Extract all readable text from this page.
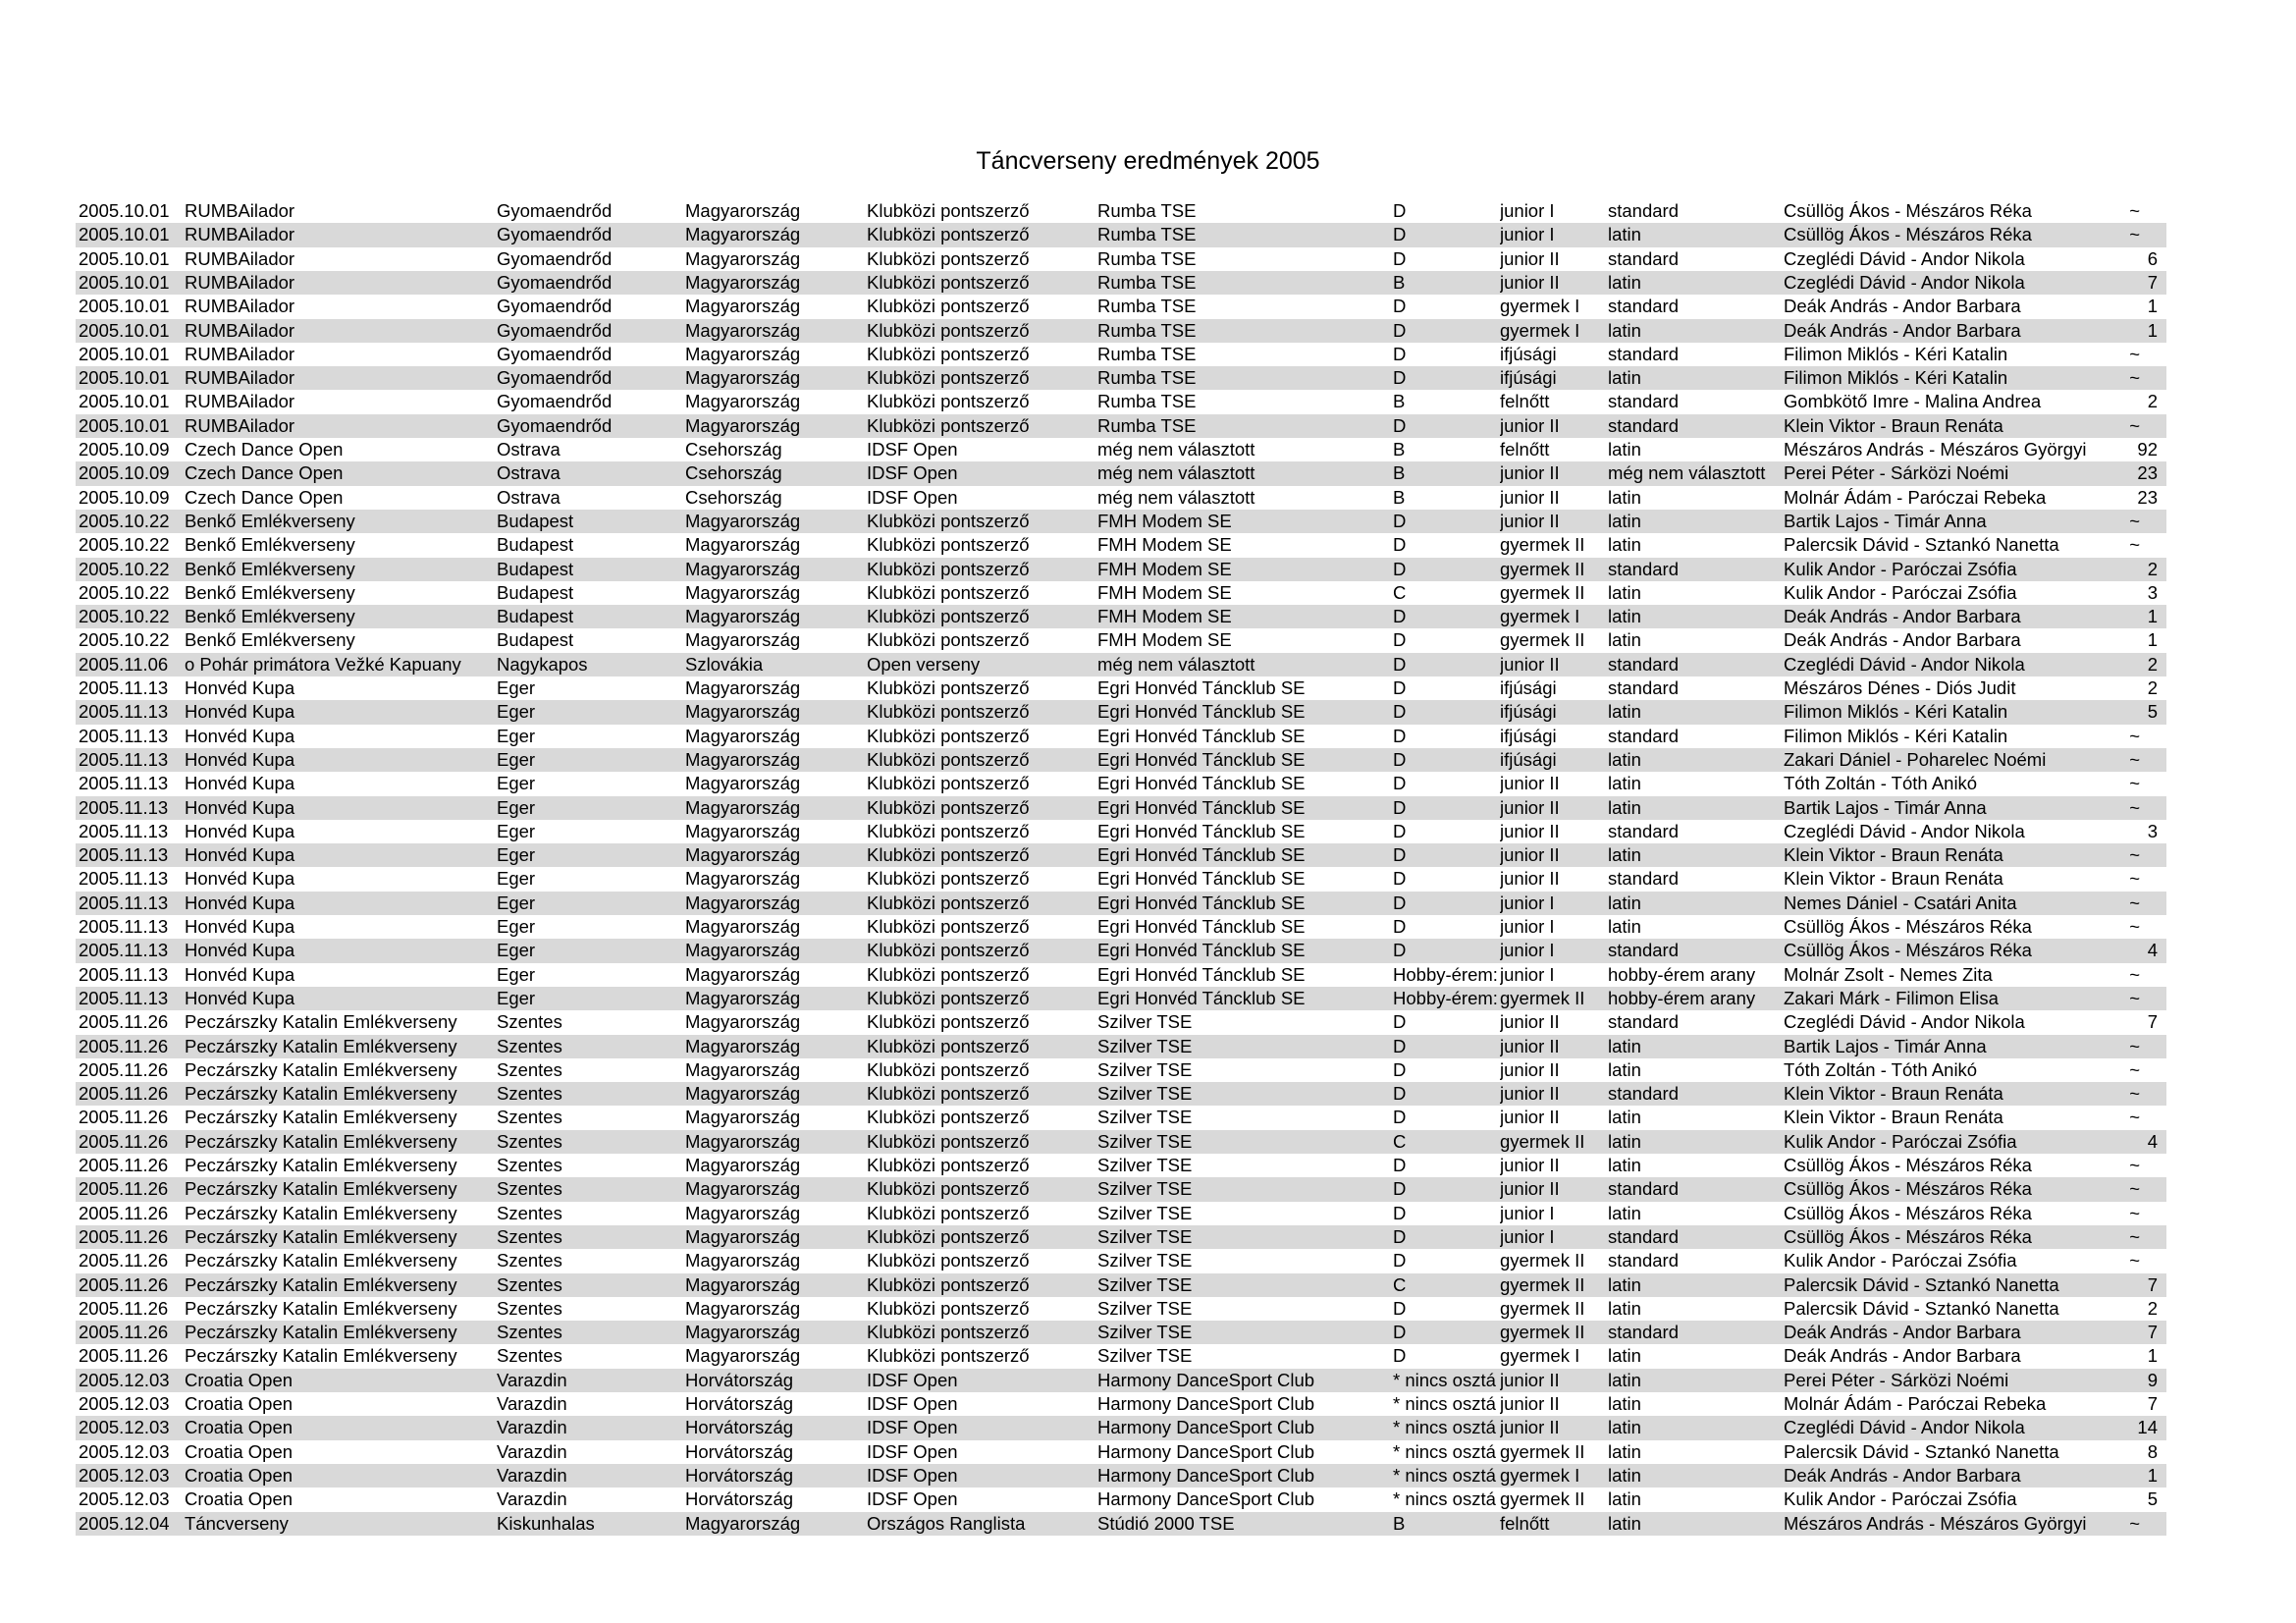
Táncverseny eredmények 2005
2005.10.01 RUMBAilador	Gyomaendrőd	Magyarország	Klubközi pontszerző	Rumba TSE	D	junior I	standard	Csüllög Ákos - Mészáros Réka	~
2005.10.01 RUMBAilador	Gyomaendrőd	Magyarország	Klubközi pontszerző	Rumba TSE	D	junior I	latin	Csüllög Ákos - Mészáros Réka	~
2005.10.01 RUMBAilador	Gyomaendrőd	Magyarország	Klubközi pontszerző	Rumba TSE	D	junior II	standard	Czeglédi Dávid - Andor Nikola	6
2005.10.01 RUMBAilador	Gyomaendrőd	Magyarország	Klubközi pontszerző	Rumba TSE	B	junior II	latin	Czeglédi Dávid - Andor Nikola	7
2005.10.01 RUMBAilador	Gyomaendrőd	Magyarország	Klubközi pontszerző	Rumba TSE	D	gyermek I	standard	Deák András - Andor Barbara	1
2005.10.01 RUMBAilador	Gyomaendrőd	Magyarország	Klubközi pontszerző	Rumba TSE	D	gyermek I	latin	Deák András - Andor Barbara	1
2005.10.01 RUMBAilador	Gyomaendrőd	Magyarország	Klubközi pontszerző	Rumba TSE	D	ifjúsági	standard	Filimon Miklós - Kéri Katalin	~
2005.10.01 RUMBAilador	Gyomaendrőd	Magyarország	Klubközi pontszerző	Rumba TSE	D	ifjúsági	latin	Filimon Miklós - Kéri Katalin	~
2005.10.01 RUMBAilador	Gyomaendrőd	Magyarország	Klubközi pontszerző	Rumba TSE	B	felnőtt	standard	Gombkötő Imre - Malina Andrea	2
2005.10.01 RUMBAilador	Gyomaendrőd	Magyarország	Klubközi pontszerző	Rumba TSE	D	junior II	standard	Klein Viktor - Braun Renáta	~
2005.10.09 Czech Dance Open	Ostrava	Csehország	IDSF Open	még nem választott	B	felnőtt	latin	Mészáros András - Mészáros Györgyi	92
2005.10.09 Czech Dance Open	Ostrava	Csehország	IDSF Open	még nem választott	B	junior II	még nem választott	Perei Péter - Sárközi Noémi	23
2005.10.09 Czech Dance Open	Ostrava	Csehország	IDSF Open	még nem választott	B	junior II	latin	Molnár Ádám - Paróczai Rebeka	23
2005.10.22 Benkő Emlékverseny	Budapest	Magyarország	Klubközi pontszerző	FMH Modem SE	D	junior II	latin	Bartik Lajos - Timár Anna	~
2005.10.22 Benkő Emlékverseny	Budapest	Magyarország	Klubközi pontszerző	FMH Modem SE	D	gyermek II	latin	Palercsik Dávid - Sztankó Nanetta	~
2005.10.22 Benkő Emlékverseny	Budapest	Magyarország	Klubközi pontszerző	FMH Modem SE	D	gyermek II	standard	Kulik Andor - Paróczai Zsófia	2
2005.10.22 Benkő Emlékverseny	Budapest	Magyarország	Klubközi pontszerző	FMH Modem SE	C	gyermek II	latin	Kulik Andor - Paróczai Zsófia	3
2005.10.22 Benkő Emlékverseny	Budapest	Magyarország	Klubközi pontszerző	FMH Modem SE	D	gyermek I	latin	Deák András - Andor Barbara	1
2005.10.22 Benkő Emlékverseny	Budapest	Magyarország	Klubközi pontszerző	FMH Modem SE	D	gyermek II	latin	Deák András - Andor Barbara	1
2005.11.06 o Pohár primátora Vežké Kapuany	Nagykapos	Szlovákia	Open verseny	még nem választott	D	junior II	standard	Czeglédi Dávid - Andor Nikola	2
2005.11.13 Honvéd Kupa	Eger	Magyarország	Klubközi pontszerző	Egri Honvéd Táncklub SE	D	ifjúsági	standard	Mészáros Dénes - Diós Judit	2
2005.11.13 Honvéd Kupa	Eger	Magyarország	Klubközi pontszerző	Egri Honvéd Táncklub SE	D	ifjúsági	latin	Filimon Miklós - Kéri Katalin	5
2005.11.13 Honvéd Kupa	Eger	Magyarország	Klubközi pontszerző	Egri Honvéd Táncklub SE	D	ifjúsági	standard	Filimon Miklós - Kéri Katalin	~
2005.11.13 Honvéd Kupa	Eger	Magyarország	Klubközi pontszerző	Egri Honvéd Táncklub SE	D	ifjúsági	latin	Zakari Dániel - Poharelec Noémi	~
2005.11.13 Honvéd Kupa	Eger	Magyarország	Klubközi pontszerző	Egri Honvéd Táncklub SE	D	junior II	latin	Tóth Zoltán - Tóth Anikó	~
2005.11.13 Honvéd Kupa	Eger	Magyarország	Klubközi pontszerző	Egri Honvéd Táncklub SE	D	junior II	latin	Bartik Lajos - Timár Anna	~
2005.11.13 Honvéd Kupa	Eger	Magyarország	Klubközi pontszerző	Egri Honvéd Táncklub SE	D	junior II	standard	Czeglédi Dávid - Andor Nikola	3
2005.11.13 Honvéd Kupa	Eger	Magyarország	Klubközi pontszerző	Egri Honvéd Táncklub SE	D	junior II	latin	Klein Viktor - Braun Renáta	~
2005.11.13 Honvéd Kupa	Eger	Magyarország	Klubközi pontszerző	Egri Honvéd Táncklub SE	D	junior II	standard	Klein Viktor - Braun Renáta	~
2005.11.13 Honvéd Kupa	Eger	Magyarország	Klubközi pontszerző	Egri Honvéd Táncklub SE	D	junior I	latin	Nemes Dániel - Csatári Anita	~
2005.11.13 Honvéd Kupa	Eger	Magyarország	Klubközi pontszerző	Egri Honvéd Táncklub SE	D	junior I	latin	Csüllög Ákos - Mészáros Réka	~
2005.11.13 Honvéd Kupa	Eger	Magyarország	Klubközi pontszerző	Egri Honvéd Táncklub SE	D	junior I	standard	Csüllög Ákos - Mészáros Réka	4
2005.11.13 Honvéd Kupa	Eger	Magyarország	Klubközi pontszerző	Egri Honvéd Táncklub SE	Hobby-érem: junior I	hobby-érem arany	Molnár Zsolt - Nemes Zita	~
2005.11.13 Honvéd Kupa	Eger	Magyarország	Klubközi pontszerző	Egri Honvéd Táncklub SE	Hobby-érem: gyermek II	hobby-érem arany	Zakari Márk - Filimon Elisa	~
2005.11.26 Peczárszky Katalin Emlékverseny	Szentes	Magyarország	Klubközi pontszerző	Szilver TSE	D	junior II	standard	Czeglédi Dávid - Andor Nikola	7
2005.11.26 Peczárszky Katalin Emlékverseny	Szentes	Magyarország	Klubközi pontszerző	Szilver TSE	D	junior II	latin	Bartik Lajos - Timár Anna	~
2005.11.26 Peczárszky Katalin Emlékverseny	Szentes	Magyarország	Klubközi pontszerző	Szilver TSE	D	junior II	latin	Tóth Zoltán - Tóth Anikó	~
2005.11.26 Peczárszky Katalin Emlékverseny	Szentes	Magyarország	Klubközi pontszerző	Szilver TSE	D	junior II	standard	Klein Viktor - Braun Renáta	~
2005.11.26 Peczárszky Katalin Emlékverseny	Szentes	Magyarország	Klubközi pontszerző	Szilver TSE	D	junior II	latin	Klein Viktor - Braun Renáta	~
2005.11.26 Peczárszky Katalin Emlékverseny	Szentes	Magyarország	Klubközi pontszerző	Szilver TSE	C	gyermek II	latin	Kulik Andor - Paróczai Zsófia	4
2005.11.26 Peczárszky Katalin Emlékverseny	Szentes	Magyarország	Klubközi pontszerző	Szilver TSE	D	junior II	latin	Csüllög Ákos - Mészáros Réka	~
2005.11.26 Peczárszky Katalin Emlékverseny	Szentes	Magyarország	Klubközi pontszerző	Szilver TSE	D	junior II	standard	Csüllög Ákos - Mészáros Réka	~
2005.11.26 Peczárszky Katalin Emlékverseny	Szentes	Magyarország	Klubközi pontszerző	Szilver TSE	D	junior I	latin	Csüllög Ákos - Mészáros Réka	~
2005.11.26 Peczárszky Katalin Emlékverseny	Szentes	Magyarország	Klubközi pontszerző	Szilver TSE	D	junior I	standard	Csüllög Ákos - Mészáros Réka	~
2005.11.26 Peczárszky Katalin Emlékverseny	Szentes	Magyarország	Klubközi pontszerző	Szilver TSE	D	gyermek II	standard	Kulik Andor - Paróczai Zsófia	~
2005.11.26 Peczárszky Katalin Emlékverseny	Szentes	Magyarország	Klubközi pontszerző	Szilver TSE	C	gyermek II	latin	Palercsik Dávid - Sztankó Nanetta	7
2005.11.26 Peczárszky Katalin Emlékverseny	Szentes	Magyarország	Klubközi pontszerző	Szilver TSE	D	gyermek II	latin	Palercsik Dávid - Sztankó Nanetta	2
2005.11.26 Peczárszky Katalin Emlékverseny	Szentes	Magyarország	Klubközi pontszerző	Szilver TSE	D	gyermek II	standard	Deák András - Andor Barbara	7
2005.11.26 Peczárszky Katalin Emlékverseny	Szentes	Magyarország	Klubközi pontszerző	Szilver TSE	D	gyermek I	latin	Deák András - Andor Barbara	1
2005.12.03 Croatia Open	Varazdin	Horvátország	IDSF Open	Harmony DanceSport Club	* nincs osztá junior II	latin	Perei Péter - Sárközi Noémi	9
2005.12.03 Croatia Open	Varazdin	Horvátország	IDSF Open	Harmony DanceSport Club	* nincs osztá junior II	latin	Molnár Ádám - Paróczai Rebeka	7
2005.12.03 Croatia Open	Varazdin	Horvátország	IDSF Open	Harmony DanceSport Club	* nincs osztá junior II	latin	Czeglédi Dávid - Andor Nikola	14
2005.12.03 Croatia Open	Varazdin	Horvátország	IDSF Open	Harmony DanceSport Club	* nincs osztá gyermek II	latin	Palercsik Dávid - Sztankó Nanetta	8
2005.12.03 Croatia Open	Varazdin	Horvátország	IDSF Open	Harmony DanceSport Club	* nincs osztá gyermek I	latin	Deák András - Andor Barbara	1
2005.12.03 Croatia Open	Varazdin	Horvátország	IDSF Open	Harmony DanceSport Club	* nincs osztá gyermek II	latin	Kulik Andor - Paróczai Zsófia	5
2005.12.04 Táncverseny	Kiskunhalas	Magyarország	Országos Ranglista	Stúdió 2000 TSE	B	felnőtt	latin	Mészáros András - Mészáros Györgyi	~
